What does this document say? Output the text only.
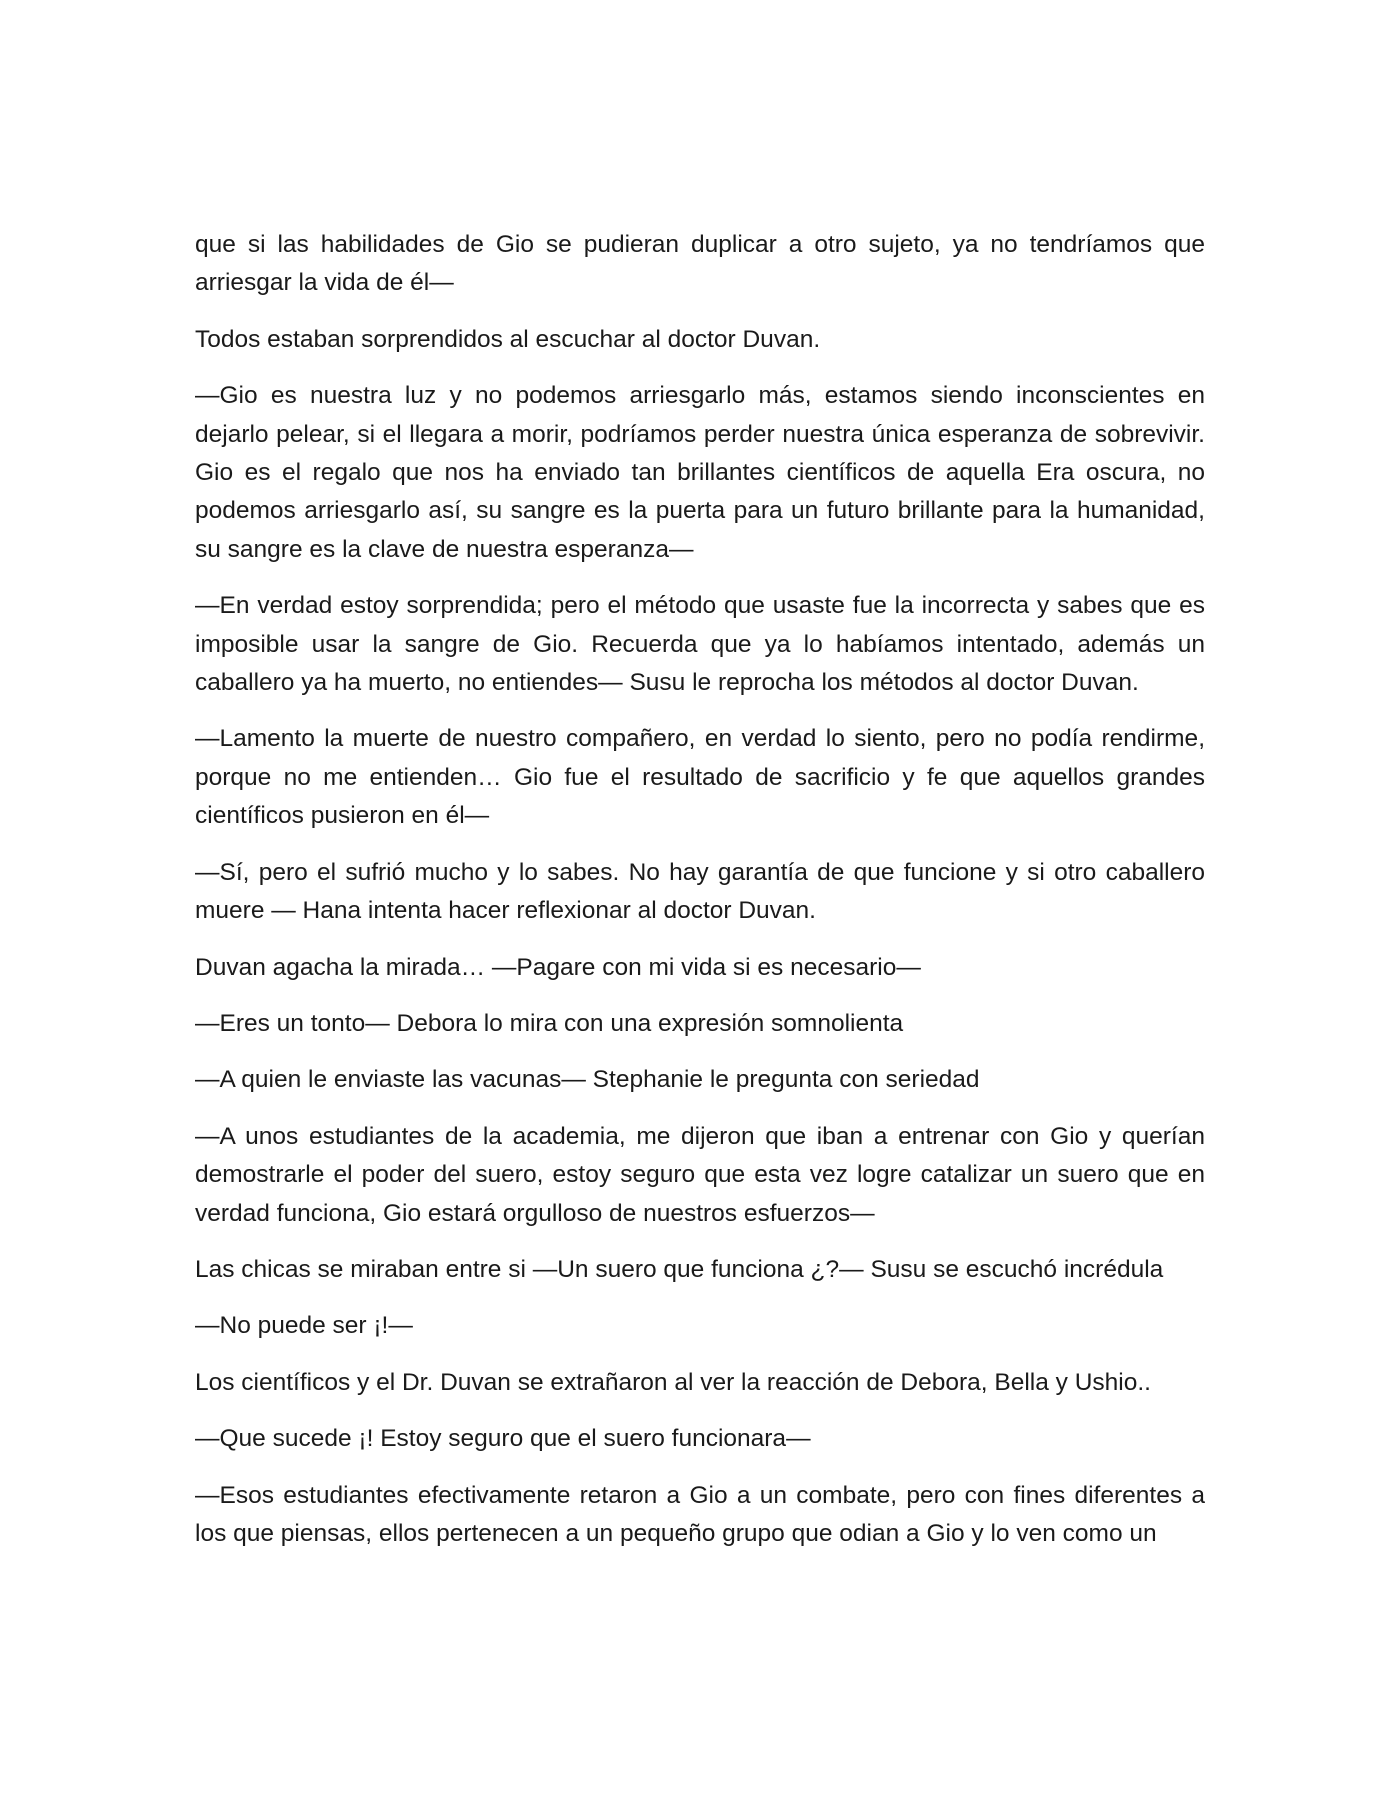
que si las habilidades de Gio se pudieran duplicar a otro sujeto, ya no tendríamos que arriesgar la vida de él—

Todos estaban sorprendidos al escuchar al doctor Duvan.

—Gio es nuestra luz y no podemos arriesgarlo más, estamos siendo inconscientes en dejarlo pelear, si el llegara a morir, podríamos perder nuestra única esperanza de sobrevivir. Gio es el regalo que nos ha enviado tan brillantes científicos de aquella Era oscura, no podemos arriesgarlo así, su sangre es la puerta para un futuro brillante para la humanidad, su sangre es la clave de nuestra esperanza—

—En verdad estoy sorprendida; pero el método que usaste fue la incorrecta y sabes que es imposible usar la sangre de Gio. Recuerda que ya lo habíamos intentado, además un caballero ya ha muerto, no entiendes— Susu le reprocha los métodos al doctor Duvan.

—Lamento la muerte de nuestro compañero, en verdad lo siento, pero no podía rendirme, porque no me entienden… Gio fue el resultado de sacrificio y fe que aquellos grandes científicos pusieron en él—

—Sí, pero el sufrió mucho y lo sabes. No hay garantía de que funcione y si otro caballero muere — Hana intenta hacer reflexionar al doctor Duvan.

Duvan agacha la mirada… —Pagare con mi vida si es necesario—

—Eres un tonto— Debora lo mira con una expresión somnolienta

—A quien le enviaste las vacunas— Stephanie le pregunta con seriedad

—A unos estudiantes de la academia, me dijeron que iban a entrenar con Gio y querían demostrarle el poder del suero, estoy seguro que esta vez logre catalizar un suero que en verdad funciona, Gio estará orgulloso de nuestros esfuerzos—

Las chicas se miraban entre si —Un suero que funciona ¿?— Susu se escuchó incrédula

—No puede ser ¡!—

Los científicos y el Dr. Duvan se extrañaron al ver la reacción de Debora, Bella y Ushio..

—Que sucede ¡! Estoy seguro que el suero funcionara—

—Esos estudiantes efectivamente retaron a Gio a un combate, pero con fines diferentes a los que piensas, ellos pertenecen a un pequeño grupo que odian a Gio y lo ven como un
